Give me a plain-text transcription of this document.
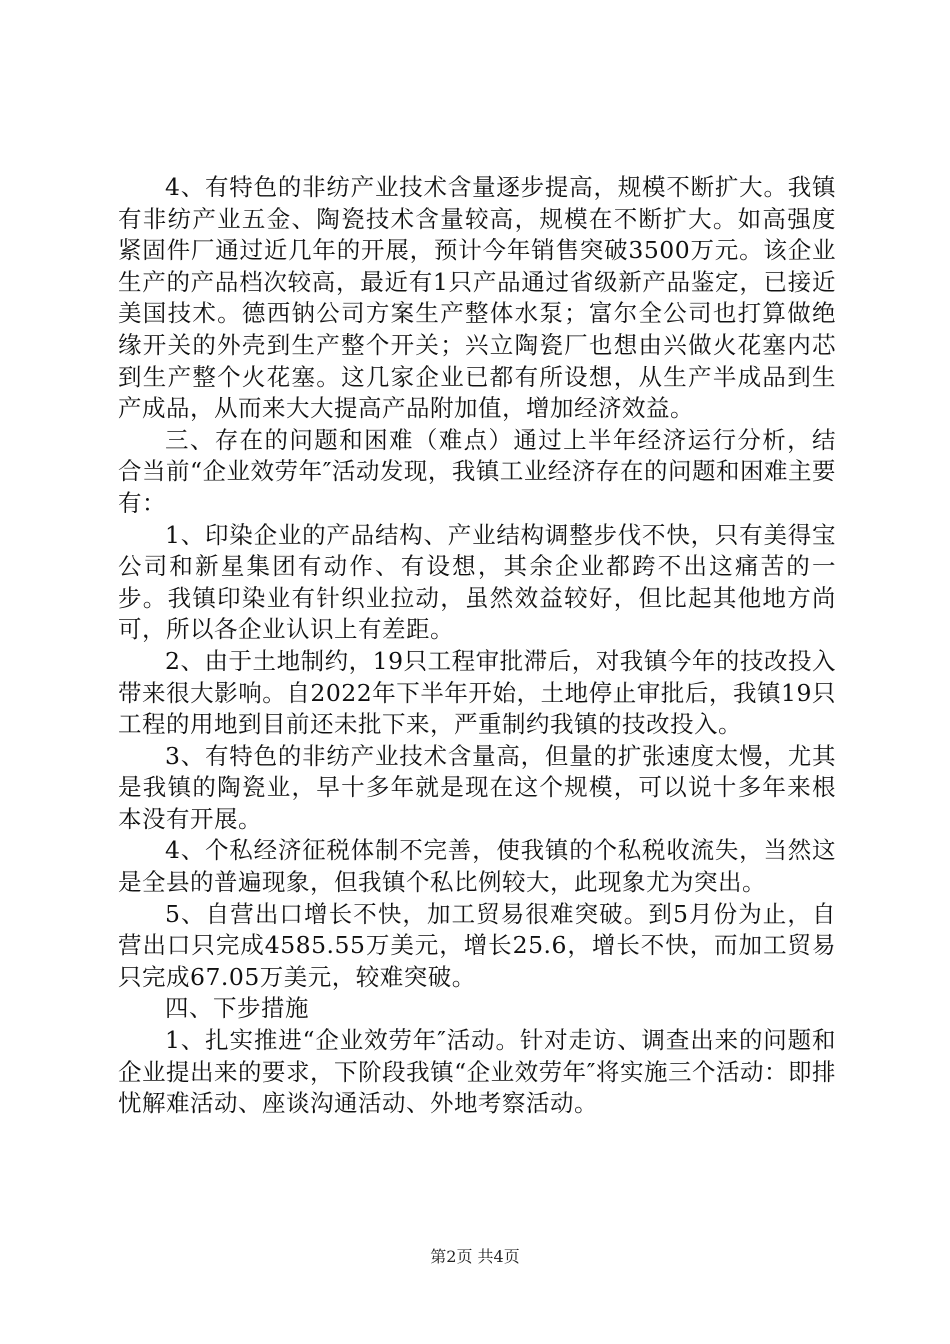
4、有特色的非纺产业技术含量逐步提高，规模不断扩大。我镇有非纺产业五金、陶瓷技术含量较高，规模在不断扩大。如高强度紧固件厂通过近几年的开展，预计今年销售突破3500万元。该企业生产的产品档次较高，最近有1只产品通过省级新产品鉴定，已接近美国技术。德西钠公司方案生产整体水泵；富尔全公司也打算做绝缘开关的外壳到生产整个开关；兴立陶瓷厂也想由兴做火花塞内芯到生产整个火花塞。这几家企业已都有所设想，从生产半成品到生产成品，从而来大大提高产品附加值，增加经济效益。

三、存在的问题和困难（难点）通过上半年经济运行分析，结合当前“企业效劳年″活动发现，我镇工业经济存在的问题和困难主要有：

1、印染企业的产品结构、产业结构调整步伐不快，只有美得宝公司和新星集团有动作、有设想，其余企业都跨不出这痛苦的一步。我镇印染业有针织业拉动，虽然效益较好，但比起其他地方尚可，所以各企业认识上有差距。

2、由于土地制约，19只工程审批滞后，对我镇今年的技改投入带来很大影响。自2022年下半年开始，土地停止审批后，我镇19只工程的用地到目前还未批下来，严重制约我镇的技改投入。

3、有特色的非纺产业技术含量高，但量的扩张速度太慢，尤其是我镇的陶瓷业，早十多年就是现在这个规模，可以说十多年来根本没有开展。

4、个私经济征税体制不完善，使我镇的个私税收流失，当然这是全县的普遍现象，但我镇个私比例较大，此现象尤为突出。

5、自营出口增长不快，加工贸易很难突破。到5月份为止，自营出口只完成4585.55万美元，增长25.6，增长不快，而加工贸易只完成67.05万美元，较难突破。

四、下步措施

1、扎实推进“企业效劳年″活动。针对走访、调查出来的问题和企业提出来的要求，下阶段我镇“企业效劳年″将实施三个活动：即排忧解难活动、座谈沟通活动、外地考察活动。

第2页 共4页
